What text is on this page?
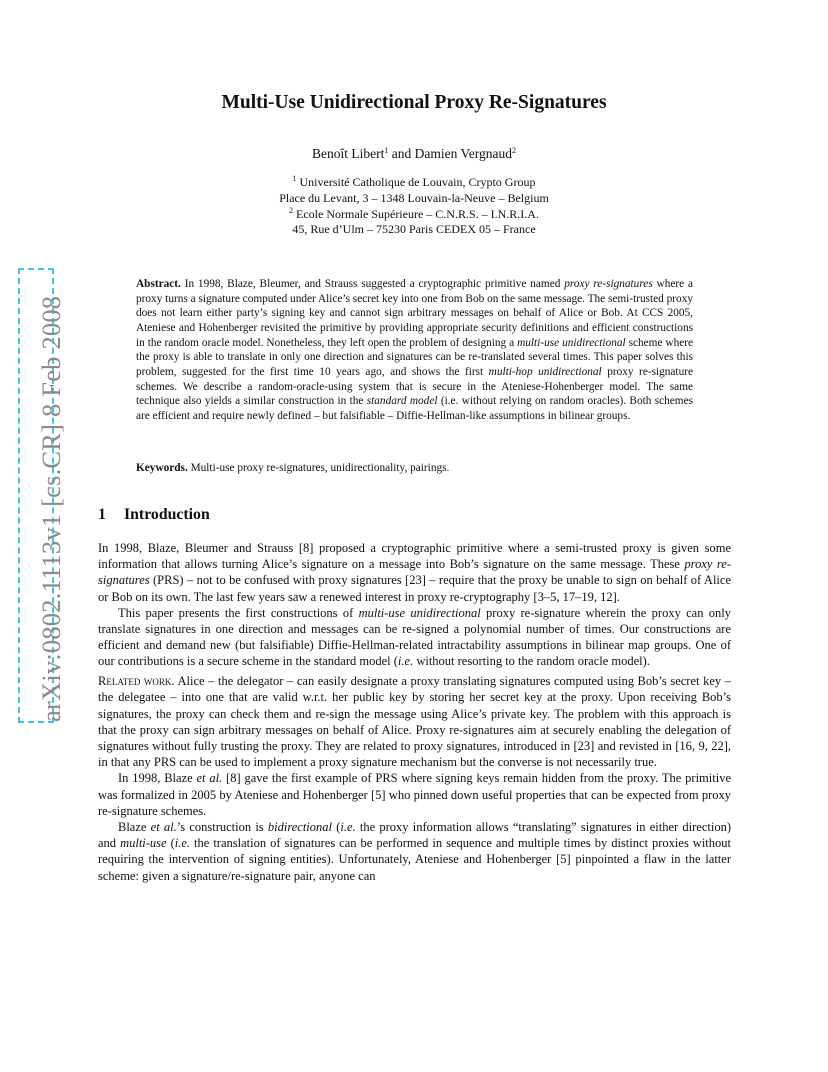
arXiv:0802.1113v1 [cs.CR] 8 Feb 2008
Multi-Use Unidirectional Proxy Re-Signatures
Benoît Libert$^1$ and Damien Vergnaud$^2$
$^1$ Université Catholique de Louvain, Crypto Group
Place du Levant, 3 – 1348 Louvain-la-Neuve – Belgium
$^2$ Ecole Normale Supérieure – C.N.R.S. – I.N.R.I.A.
45, Rue d’Ulm – 75230 Paris CEDEX 05 – France

Abstract. In 1998, Blaze, Bleumer, and Strauss suggested a cryptographic primitive named proxy re-signatures where a proxy turns a signature computed under Alice’s secret key into one from Bob on the same message. The semi-trusted proxy does not learn either party’s signing key and cannot sign arbitrary messages on behalf of Alice or Bob. At CCS 2005, Ateniese and Hohenberger revisited the primitive by providing appropriate security definitions and efficient constructions in the random oracle model. Nonetheless, they left open the problem of designing a multi-use unidirectional scheme where the proxy is able to translate in only one direction and signatures can be re-translated several times. This paper solves this problem, suggested for the first time 10 years ago, and shows the first multi-hop unidirectional proxy re-signature schemes. We describe a random-oracle-using system that is secure in the Ateniese-Hohenberger model. The same technique also yields a similar construction in the standard model (i.e. without relying on random oracles). Both schemes are efficient and require newly defined – but falsifiable – Diffie-Hellman-like assumptions in bilinear groups.

Keywords. Multi-use proxy re-signatures, unidirectionality, pairings.

1 Introduction

In 1998, Blaze, Bleumer and Strauss [8] proposed a cryptographic primitive where a semi-trusted proxy is given some information that allows turning Alice’s signature on a message into Bob’s signature on the same message. These proxy re-signatures (PRS) – not to be confused with proxy signatures [23] – require that the proxy be unable to sign on behalf of Alice or Bob on its own. The last few years saw a renewed interest in proxy re-cryptography [3–5, 17–19, 12].

This paper presents the first constructions of multi-use unidirectional proxy re-signature wherein the proxy can only translate signatures in one direction and messages can be re-signed a polynomial number of times. Our constructions are efficient and demand new (but falsifiable) Diffie-Hellman-related intractability assumptions in bilinear map groups. One of our contributions is a secure scheme in the standard model (i.e. without resorting to the random oracle model).

Related work. Alice – the delegator – can easily designate a proxy translating signatures computed using Bob’s secret key – the delegatee – into one that are valid w.r.t. her public key by storing her secret key at the proxy. Upon receiving Bob’s signatures, the proxy can check them and re-sign the message using Alice’s private key. The problem with this approach is that the proxy can sign arbitrary messages on behalf of Alice. Proxy re-signatures aim at securely enabling the delegation of signatures without fully trusting the proxy. They are related to proxy signatures, introduced in [23] and revisted in [16, 9, 22], in that any PRS can be used to implement a proxy signature mechanism but the converse is not necessarily true.

In 1998, Blaze et al. [8] gave the first example of PRS where signing keys remain hidden from the proxy. The primitive was formalized in 2005 by Ateniese and Hohenberger [5] who pinned down useful properties that can be expected from proxy re-signature schemes.

Blaze et al.’s construction is bidirectional (i.e. the proxy information allows “translating” signatures in either direction) and multi-use (i.e. the translation of signatures can be performed in sequence and multiple times by distinct proxies without requiring the intervention of signing entities). Unfortunately, Ateniese and Hohenberger [5] pinpointed a flaw in the latter scheme: given a signature/re-signature pair, anyone can
